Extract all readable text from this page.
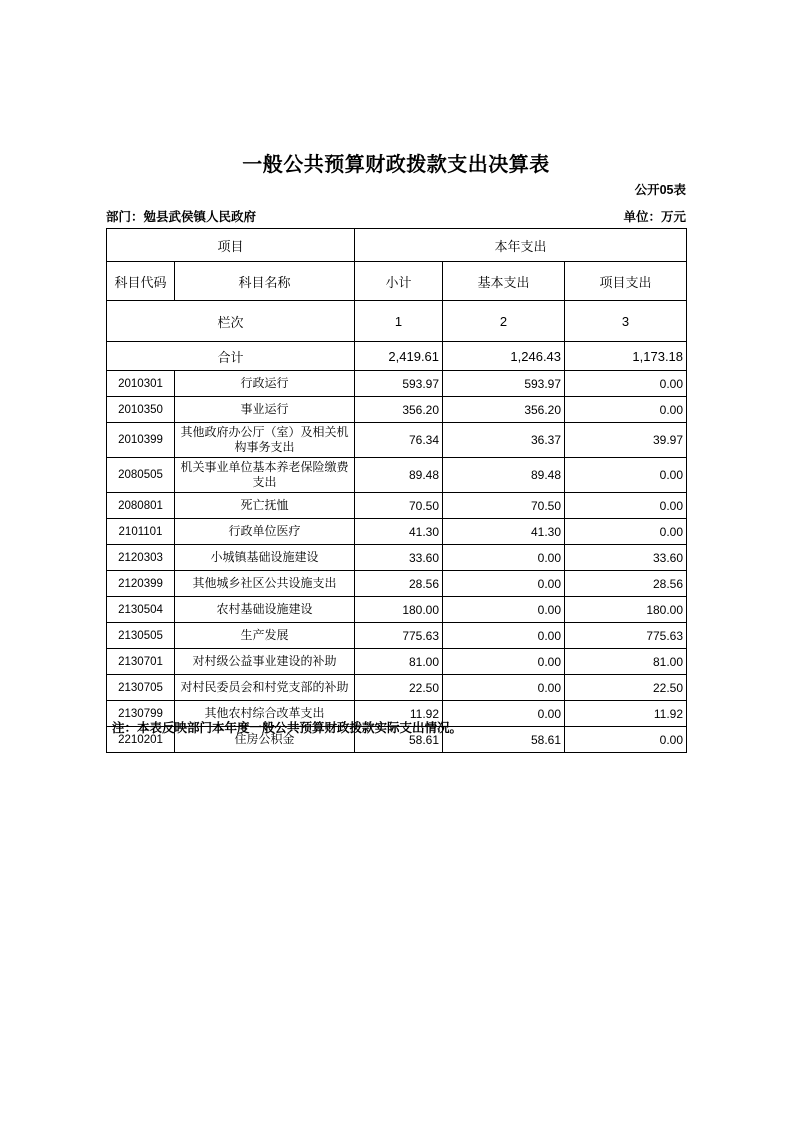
一般公共预算财政拨款支出决算表
公开05表
部门：勉县武侯镇人民政府	单位：万元
项目		本年支出		
科目代码	科目名称	小计	基本支出	项目支出
栏次		1	2	3
合计		2,419.61	1,246.43	1,173.18
2010301	行政运行	593.97	593.97	0.00
2010350	事业运行	356.20	356.20	0.00
2010399	其他政府办公厅（室）及相关机构事务支出	76.34	36.37	39.97
2080505	机关事业单位基本养老保险缴费支出	89.48	89.48	0.00
2080801	死亡抚恤	70.50	70.50	0.00
2101101	行政单位医疗	41.30	41.30	0.00
2120303	小城镇基础设施建设	33.60	0.00	33.60
2120399	其他城乡社区公共设施支出	28.56	0.00	28.56
2130504	农村基础设施建设	180.00	0.00	180.00
2130505	生产发展	775.63	0.00	775.63
2130701	对村级公益事业建设的补助	81.00	0.00	81.00
2130705	对村民委员会和村党支部的补助	22.50	0.00	22.50
2130799	其他农村综合改革支出	11.92	0.00	11.92
2210201	住房公积金	58.61	58.61	0.00
注：本表反映部门本年度一般公共预算财政拨款实际支出情况。
